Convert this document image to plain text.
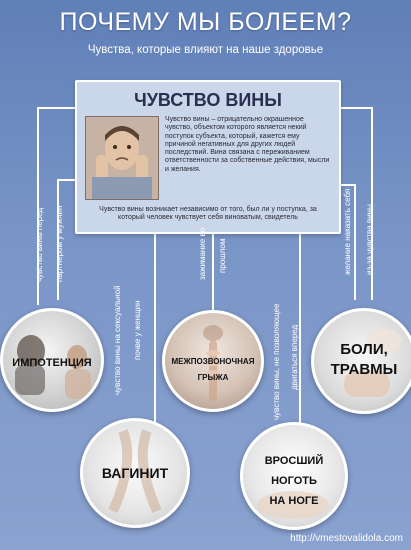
ПОЧЕМУ МЫ БОЛЕЕМ?
Чувства, которые влияют на наше здоровье
ЧУВСТВО ВИНЫ
Чувство вины – отрицательно окрашенное чувство, объектом которого является некий поступок субъекта, который, кажется ему причиной негативных для других людей последствий. Вина связана с переживанием ответственности за собственные действия, мысли и желания.
Чувство вины возникает независимо от того, был ли у поступка, за который человек чувствует себя виноватым, свидетель
чувство вины перед партнером у мужчин
чувство вины на сексуальной почве у женщин
зажимание во прошлом
чувство вины, не позволяющее двигаться вперед
желание наказать себя из-за чувства вины
ИМПОТЕНЦИЯ	МЕЖПОЗВОНОЧНАЯ
ГРЫЖА
БОЛИ,
ТРАВМЫ
ВАГИНИТ
ВРОСШИЙ
НОГОТЬ
НА НОГЕ
http://vmestovalidola.com
